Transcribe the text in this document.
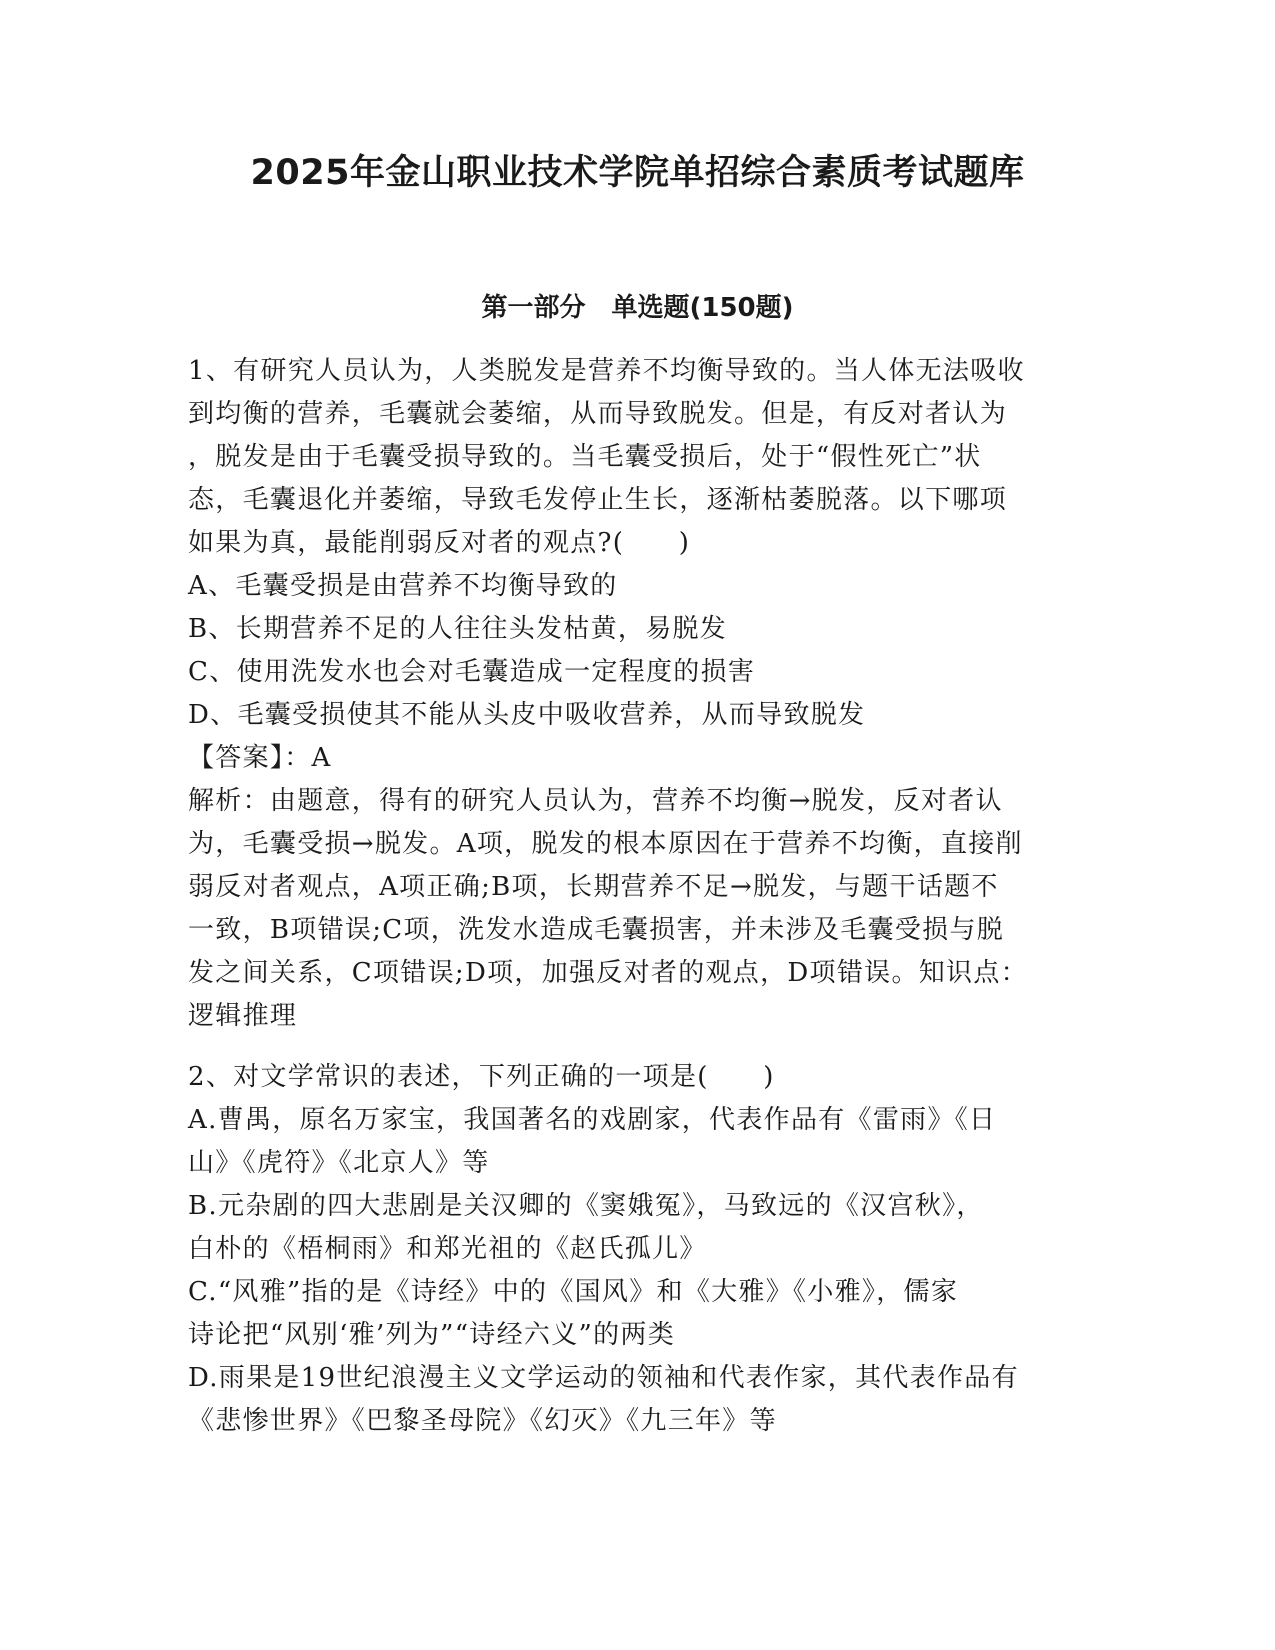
2025年金山职业技术学院单招综合素质考试题库
第一部分　单选题(150题)
1、有研究人员认为，人类脱发是营养不均衡导致的。当人体无法吸收
到均衡的营养，毛囊就会萎缩，从而导致脱发。但是，有反对者认为
，脱发是由于毛囊受损导致的。当毛囊受损后，处于“假性死亡”状
态，毛囊退化并萎缩，导致毛发停止生长，逐渐枯萎脱落。以下哪项
如果为真，最能削弱反对者的观点?(　　)
A、毛囊受损是由营养不均衡导致的
B、长期营养不足的人往往头发枯黄，易脱发
C、使用洗发水也会对毛囊造成一定程度的损害
D、毛囊受损使其不能从头皮中吸收营养，从而导致脱发
【答案】：A
解析：由题意，得有的研究人员认为，营养不均衡→脱发，反对者认
为，毛囊受损→脱发。A项，脱发的根本原因在于营养不均衡，直接削
弱反对者观点，A项正确;B项，长期营养不足→脱发，与题干话题不
一致，B项错误;C项，洗发水造成毛囊损害，并未涉及毛囊受损与脱
发之间关系，C项错误;D项，加强反对者的观点，D项错误。知识点：
逻辑推理
2、对文学常识的表述，下列正确的一项是(　　)
A.曹禺，原名万家宝，我国著名的戏剧家，代表作品有《雷雨》《日
山》《虎符》《北京人》等
B.元杂剧的四大悲剧是关汉卿的《窦娥冤》，马致远的《汉宫秋》，
白朴的《梧桐雨》和郑光祖的《赵氏孤儿》
C.“风雅”指的是《诗经》中的《国风》和《大雅》《小雅》，儒家
诗论把“风别‘雅’列为”“诗经六义”的两类
D.雨果是19世纪浪漫主义文学运动的领袖和代表作家，其代表作品有
《悲惨世界》《巴黎圣母院》《幻灭》《九三年》等
